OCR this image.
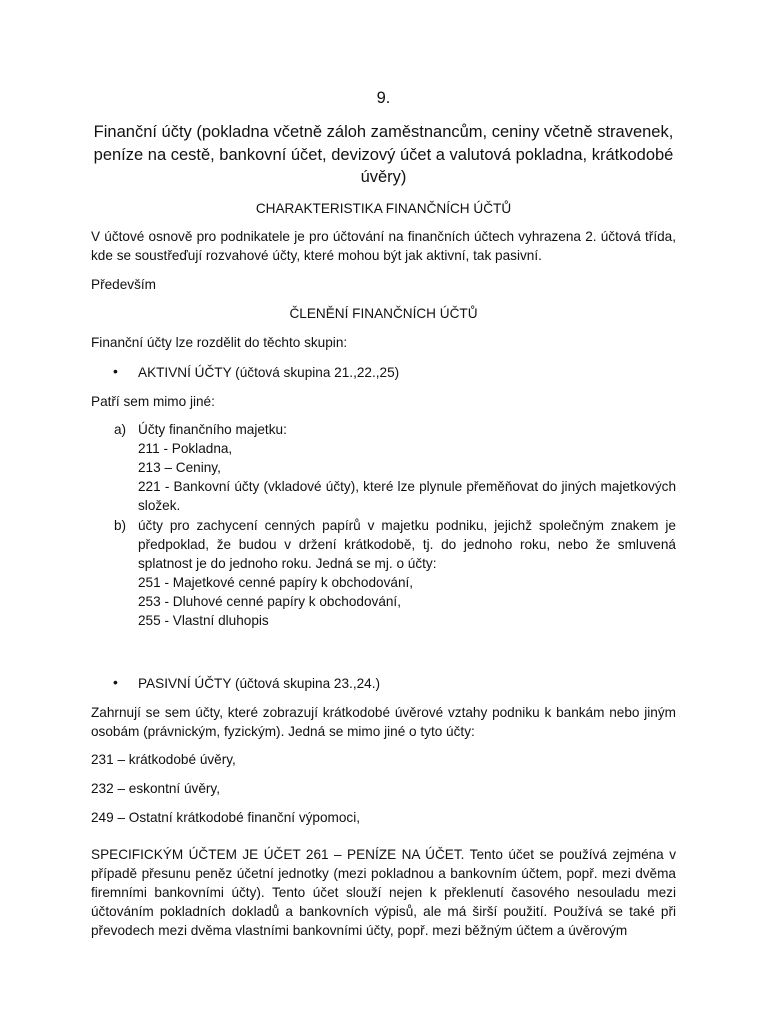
9.
Finanční účty (pokladna včetně záloh zaměstnancům, ceniny včetně stravenek, peníze na cestě, bankovní účet, devizový účet a valutová pokladna, krátkodobé úvěry)
CHARAKTERISTIKA FINANČNÍCH ÚČTŮ
V účtové osnově pro podnikatele je pro účtování na finančních účtech vyhrazena 2. účtová třída, kde se soustřeďují rozvahové účty, které mohou být jak aktivní, tak pasivní.
Především
ČLENĚNÍ FINANČNÍCH ÚČTŮ
Finanční účty lze rozdělit do těchto skupin:
• AKTIVNÍ ÚČTY (účtová skupina 21.,22.,25)
Patří sem mimo jiné:
a) Účty finančního majetku:
211 - Pokladna,
213 – Ceniny,
221 - Bankovní účty (vkladové účty), které lze plynule přeměňovat do jiných majetkových složek.
b) účty pro zachycení cenných papírů v majetku podniku, jejichž společným znakem je předpoklad, že budou v držení krátkodobě, tj. do jednoho roku, nebo že smluvená splatnost je do jednoho roku. Jedná se mj. o účty:
251 - Majetkové cenné papíry k obchodování,
253 - Dluhové cenné papíry k obchodování,
255 - Vlastní dluhopis
• PASIVNÍ ÚČTY (účtová skupina 23.,24.)
Zahrnují se sem účty, které zobrazují krátkodobé úvěrové vztahy podniku k bankám nebo jiným osobám (právnickým, fyzickým). Jedná se mimo jiné o tyto účty:
231 – krátkodobé úvěry,
232 – eskontní úvěry,
249 – Ostatní krátkodobé finanční výpomoci,
SPECIFICKÝM ÚČTEM JE ÚČET 261 – PENÍZE NA ÚČET. Tento účet se používá zejména v případě přesunu peněz účetní jednotky (mezi pokladnou a bankovním účtem, popř. mezi dvěma firemními bankovními účty). Tento účet slouží nejen k překlenutí časového nesouladu mezi účtováním pokladních dokladů a bankovních výpisů, ale má širší použití. Používá se také při převodech mezi dvěma vlastními bankovními účty, popř. mezi běžným účtem a úvěrovým
